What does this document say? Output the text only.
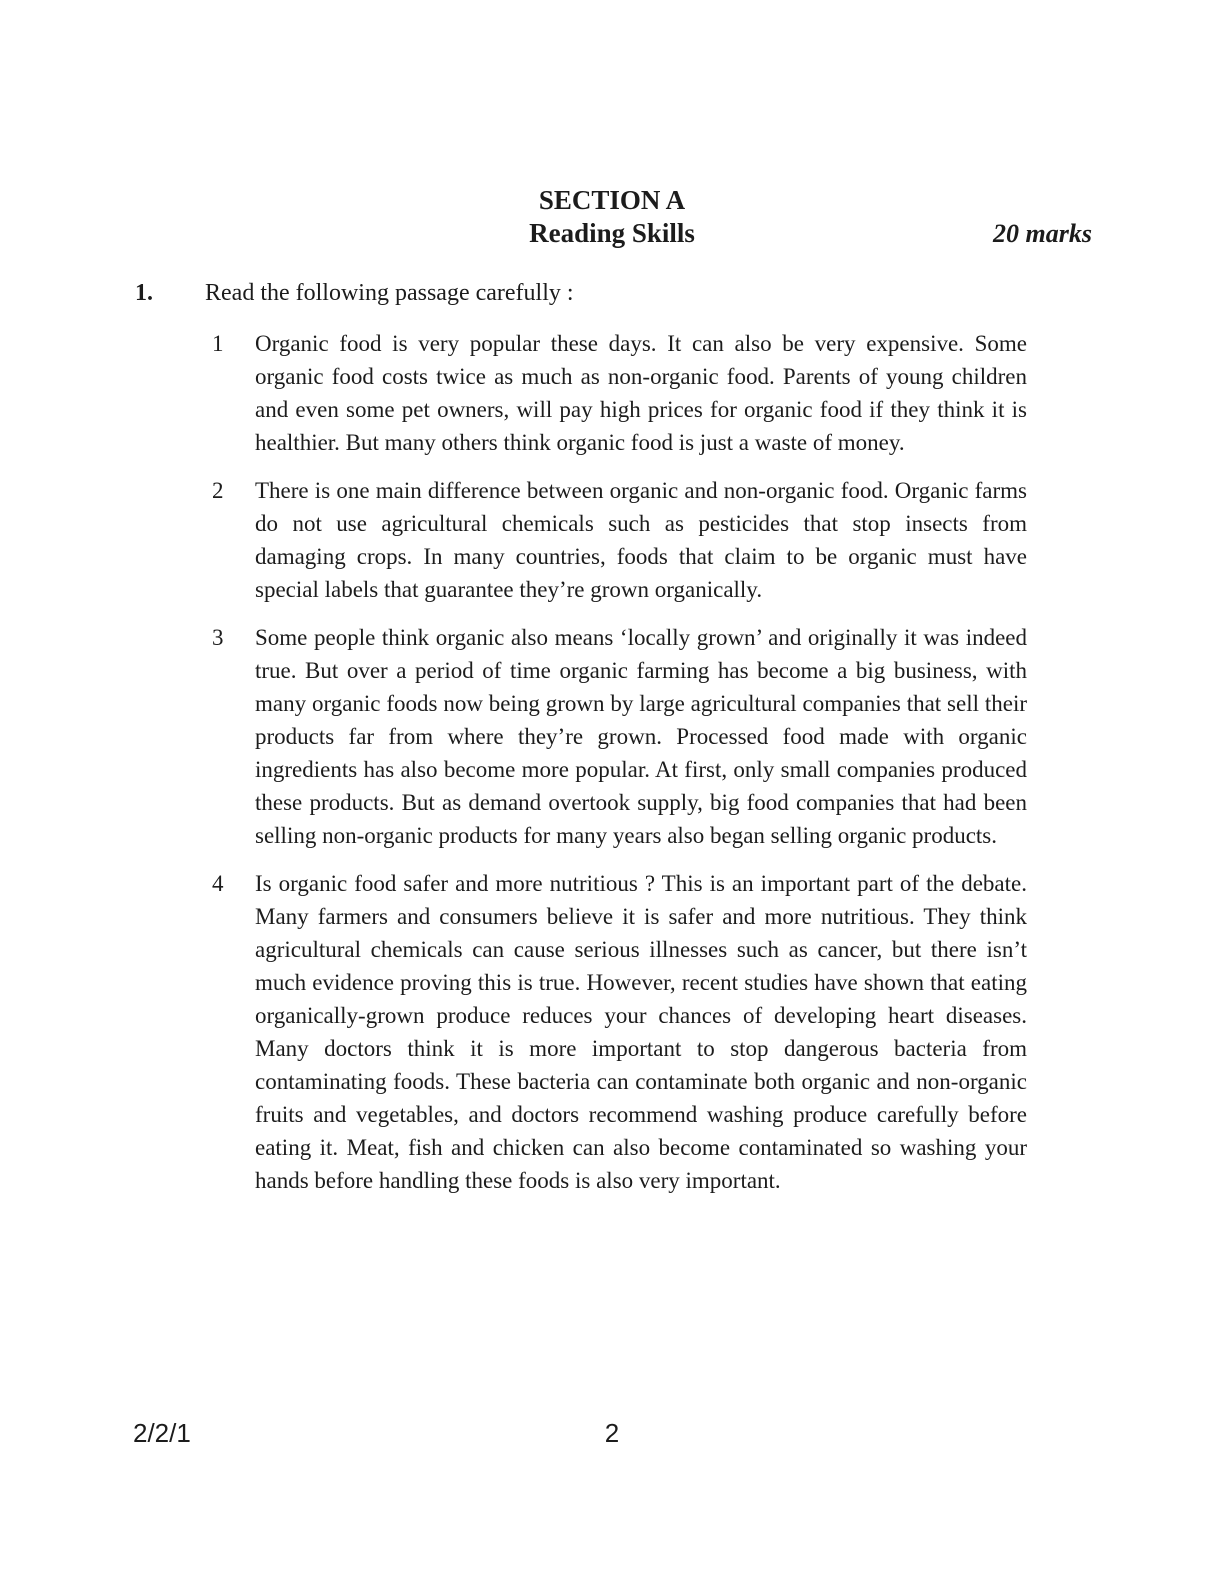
SECTION A
Reading Skills	20 marks
1. Read the following passage carefully :
1	Organic food is very popular these days. It can also be very expensive. Some organic food costs twice as much as non-organic food. Parents of young children and even some pet owners, will pay high prices for organic food if they think it is healthier. But many others think organic food is just a waste of money.
2	There is one main difference between organic and non-organic food. Organic farms do not use agricultural chemicals such as pesticides that stop insects from damaging crops. In many countries, foods that claim to be organic must have special labels that guarantee they’re grown organically.
3	Some people think organic also means ‘locally grown’ and originally it was indeed true. But over a period of time organic farming has become a big business, with many organic foods now being grown by large agricultural companies that sell their products far from where they’re grown. Processed food made with organic ingredients has also become more popular. At first, only small companies produced these products. But as demand overtook supply, big food companies that had been selling non-organic products for many years also began selling organic products.
4	Is organic food safer and more nutritious ? This is an important part of the debate. Many farmers and consumers believe it is safer and more nutritious. They think agricultural chemicals can cause serious illnesses such as cancer, but there isn’t much evidence proving this is true. However, recent studies have shown that eating organically-grown produce reduces your chances of developing heart diseases. Many doctors think it is more important to stop dangerous bacteria from contaminating foods. These bacteria can contaminate both organic and non-organic fruits and vegetables, and doctors recommend washing produce carefully before eating it. Meat, fish and chicken can also become contaminated so washing your hands before handling these foods is also very important.
2/2/1	2
